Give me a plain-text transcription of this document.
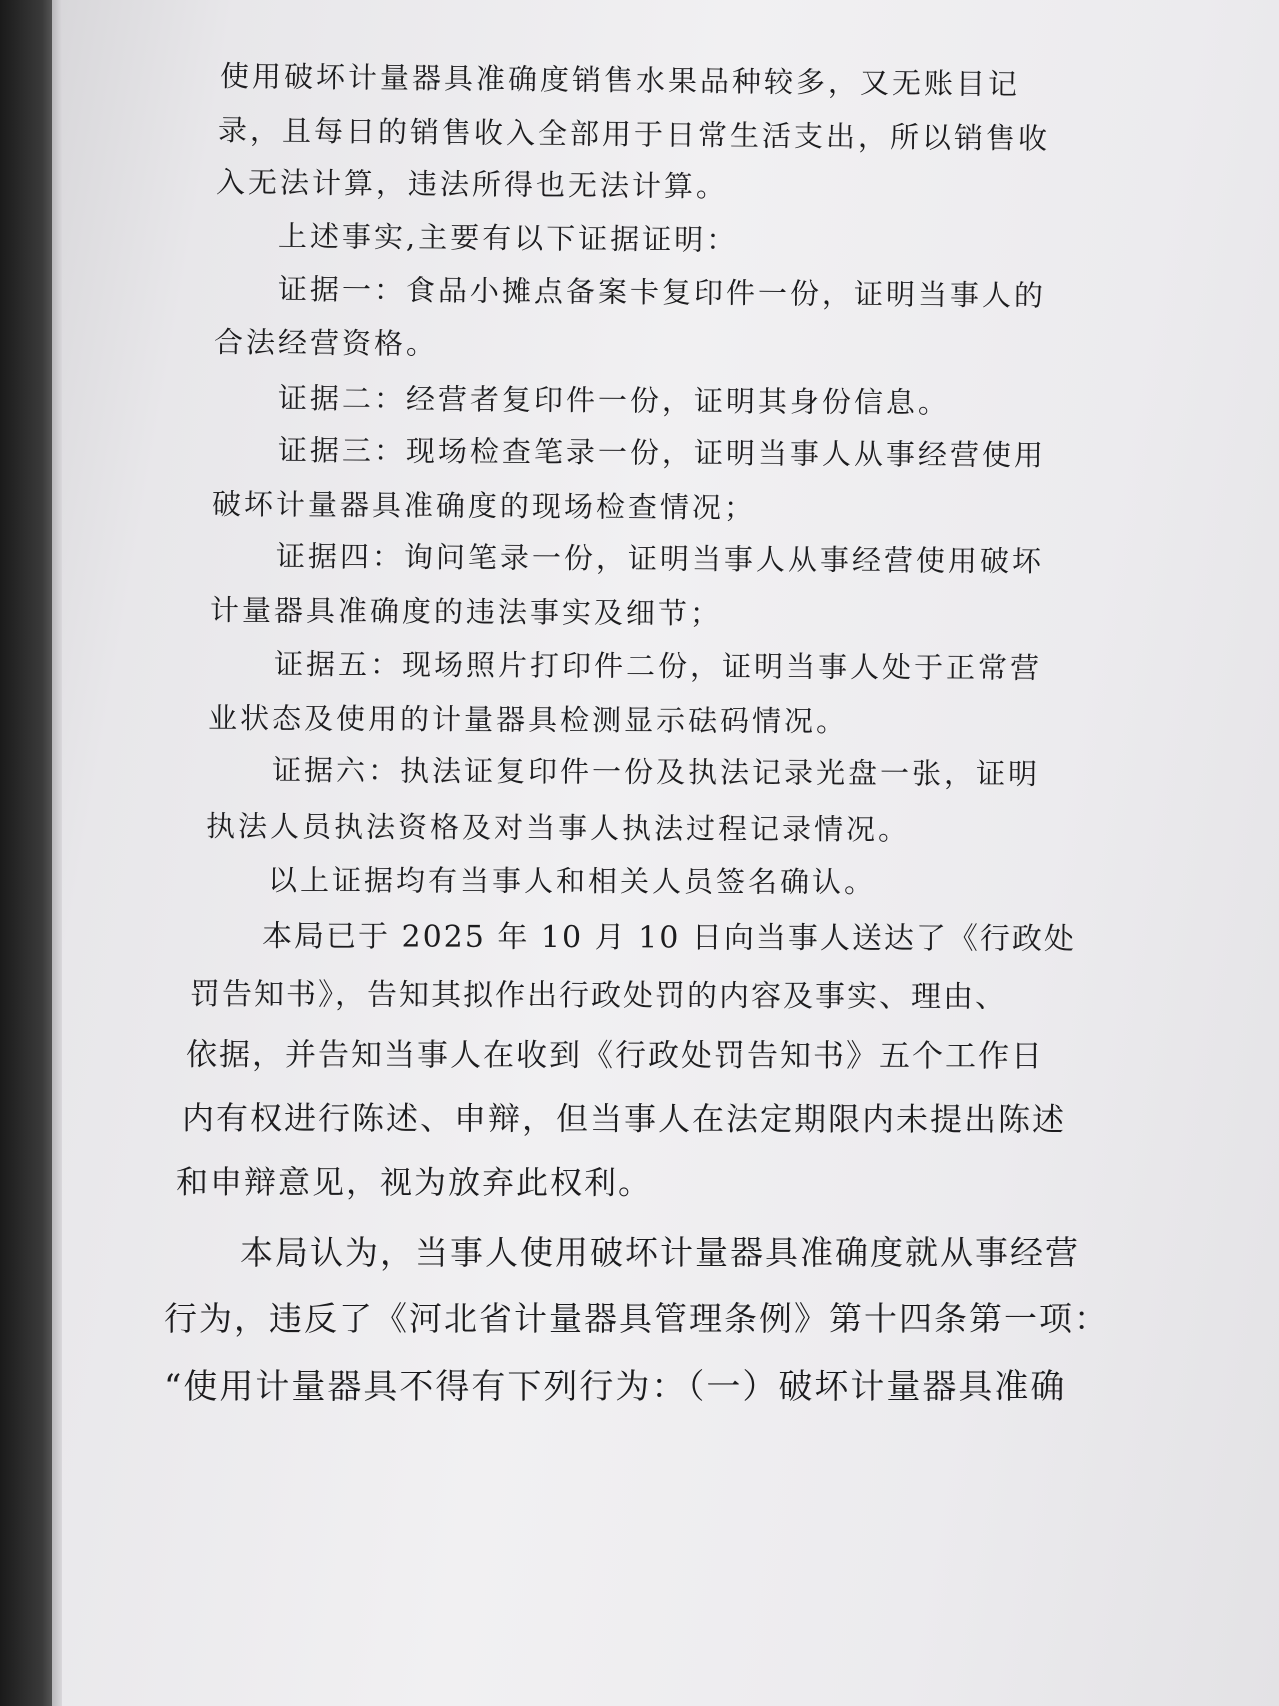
使用破坏计量器具准确度销售水果品种较多，又无账目记
录，且每日的销售收入全部用于日常生活支出，所以销售收
入无法计算，违法所得也无法计算。
上述事实,主要有以下证据证明：
证据一：食品小摊点备案卡复印件一份，证明当事人的
合法经营资格。
证据二：经营者复印件一份，证明其身份信息。
证据三：现场检查笔录一份，证明当事人从事经营使用
破坏计量器具准确度的现场检查情况；
证据四：询问笔录一份，证明当事人从事经营使用破坏
计量器具准确度的违法事实及细节；
证据五：现场照片打印件二份，证明当事人处于正常营
业状态及使用的计量器具检测显示砝码情况。
证据六：执法证复印件一份及执法记录光盘一张，证明
执法人员执法资格及对当事人执法过程记录情况。
以上证据均有当事人和相关人员签名确认。
本局已于 2025 年 10 月 10 日向当事人送达了《行政处
罚告知书》，告知其拟作出行政处罚的内容及事实、理由、
依据，并告知当事人在收到《行政处罚告知书》五个工作日
内有权进行陈述、申辩，但当事人在法定期限内未提出陈述
和申辩意见，视为放弃此权利。
本局认为，当事人使用破坏计量器具准确度就从事经营
行为，违反了《河北省计量器具管理条例》第十四条第一项：
“使用计量器具不得有下列行为：（一）破坏计量器具准确
